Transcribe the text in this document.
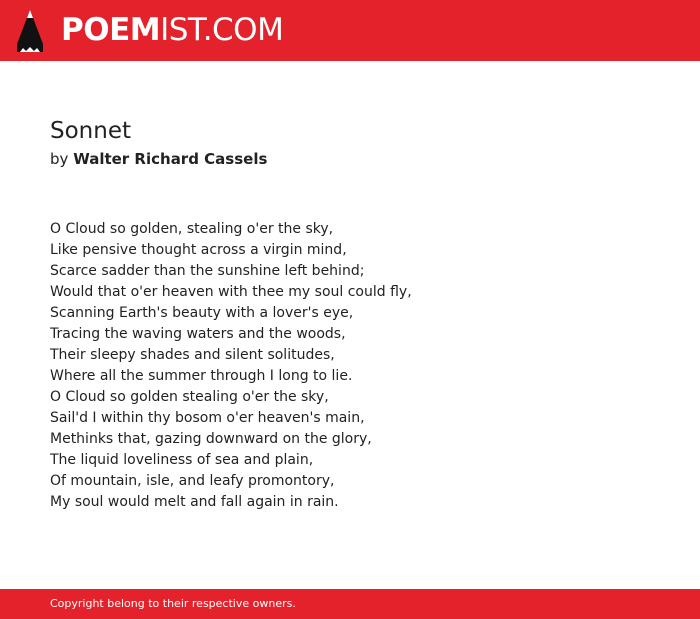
POEMIST.COM
Sonnet
by Walter Richard Cassels
O Cloud so golden, stealing o'er the sky,
Like pensive thought across a virgin mind,
Scarce sadder than the sunshine left behind;
Would that o'er heaven with thee my soul could fly,
Scanning Earth's beauty with a lover's eye,
Tracing the waving waters and the woods,
Their sleepy shades and silent solitudes,
Where all the summer through I long to lie.
O Cloud so golden stealing o'er the sky,
Sail'd I within thy bosom o'er heaven's main,
Methinks that, gazing downward on the glory,
The liquid loveliness of sea and plain,
Of mountain, isle, and leafy promontory,
My soul would melt and fall again in rain.
Copyright belong to their respective owners.
